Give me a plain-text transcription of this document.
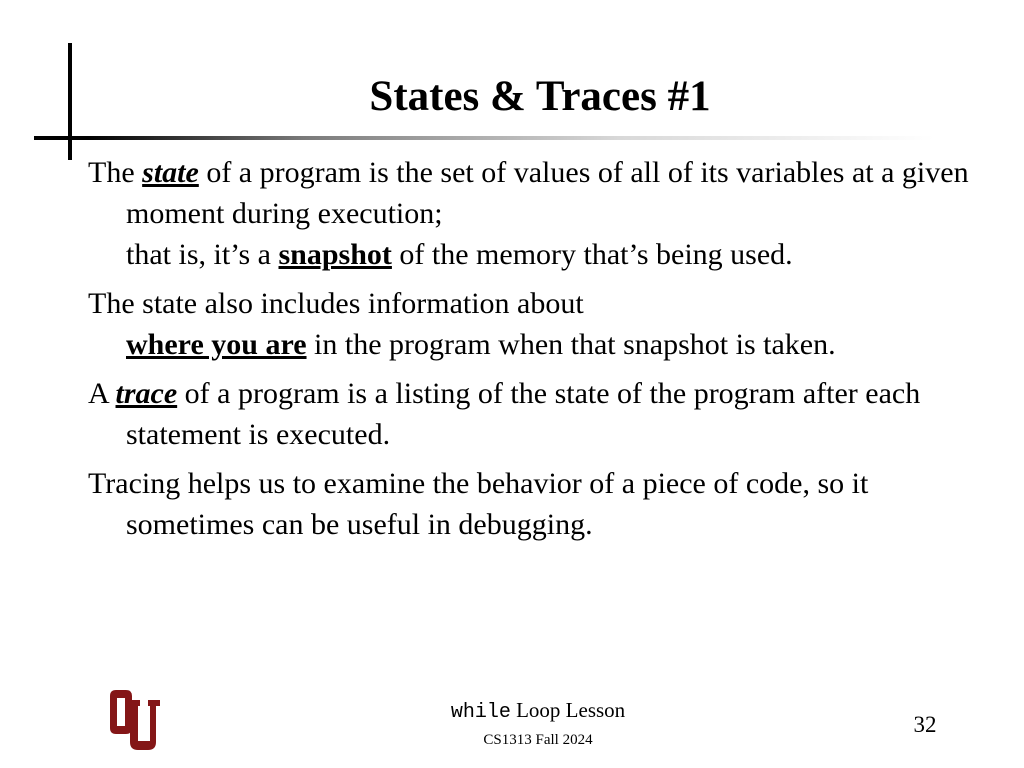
States & Traces #1

The state of a program is the set of values of all of its variables at a given moment during execution;
that is, it’s a snapshot of the memory that’s being used.

The state also includes information about
where you are in the program when that snapshot is taken.

A trace of a program is a listing of the state of the program after each statement is executed.

Tracing helps us to examine the behavior of a piece of code, so it sometimes can be useful in debugging.

while Loop Lesson
CS1313 Fall 2024
32
